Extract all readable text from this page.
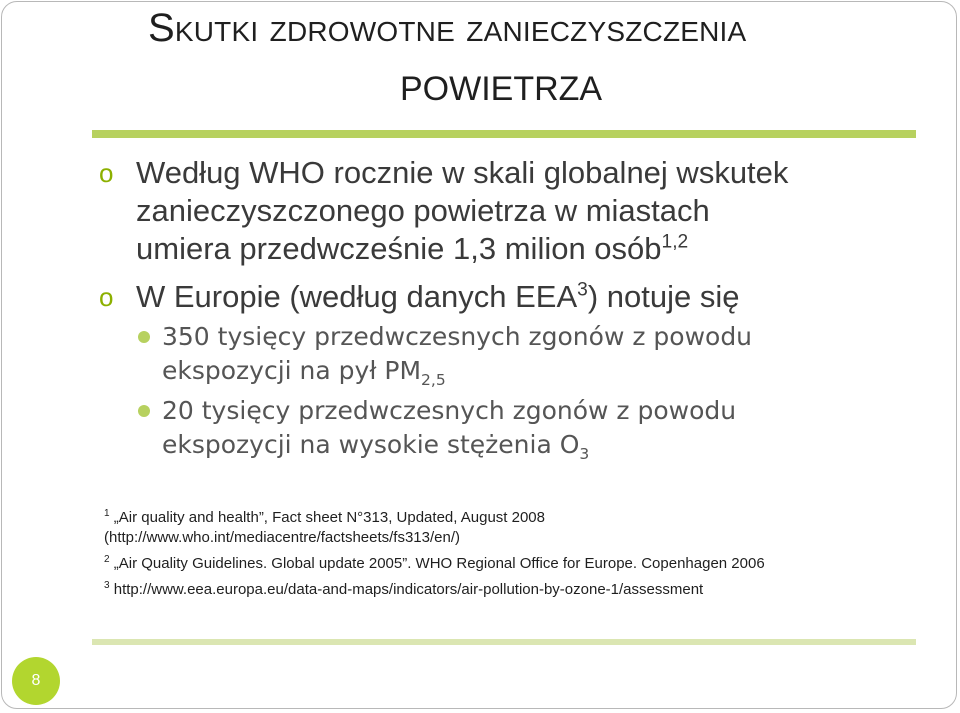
Skutki zdrowotne zanieczyszczenia
POWIETRZA
o Według WHO rocznie w skali globalnej wskutek
zanieczyszczonego powietrza w miastach
umiera przedwcześnie 1,3 milion osób$^{1,2}$
o W Europie (według danych EEA$^3$) notuje się
350 tysięcy przedwczesnych zgonów z powodu
ekspozycji na pył $PM_{2,5}$
20 tysięcy przedwczesnych zgonów z powodu
ekspozycji na wysokie stężenia $O_3$
$^1$ „Air quality and health”, Fact sheet N°313, Updated, August 2008
(http://www.who.int/mediacentre/factsheets/fs313/en/)
$^2$ „Air Quality Guidelines. Global update 2005”. WHO Regional Office for Europe. Copenhagen 2006
$^3$ http://www.eea.europa.eu/data-and-maps/indicators/air-pollution-by-ozone-1/assessment
8
